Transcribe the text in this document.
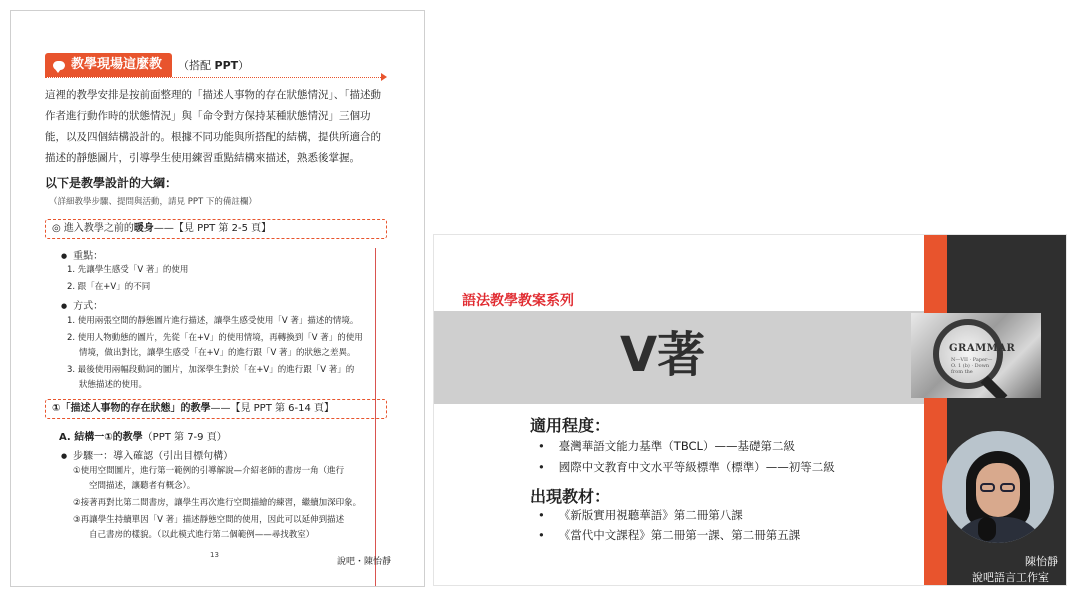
教學現場這麼教 （搭配 PPT）
這裡的教學安排是按前面整理的「描述人事物的存在狀態情況」、「描述動作者進行動作時的狀態情況」與「命令對方保持某種狀態情況」三個功能，以及四個結構設計的。根據不同功能與所搭配的結構，提供所適合的描述的靜態圖片，引導學生使用練習重點結構來描述，熟悉後掌握。
以下是教學設計的大綱：
（詳細教學步驟、提問與活動，請見 PPT 下的備註欄）
◎ 進入教學之前的暖身——【見 PPT 第 2-5 頁】
● 重點：
1. 先讓學生感受「V 著」的使用
2. 跟「在+V」的不同
● 方式：
1. 使用兩張空間的靜態圖片進行描述，讓學生感受使用「V 著」描述的情境。
2. 使用人物動態的圖片，先從「在+V」的使用情境，再轉換到「V 著」的使用
情境，做出對比，讓學生感受「在+V」的進行跟「V 著」的狀態之差異。
3. 最後使用兩幅段動詞的圖片，加深學生對於「在+V」的進行跟「V 著」的
狀態描述的使用。
①「描述人事物的存在狀態」的教學——【見 PPT 第 6-14 頁】
A. 結構一①的教學（PPT 第 7-9 頁）
● 步驟一：導入確認（引出目標句構）
①使用空間圖片，進行第一範例的引導解說—介紹老師的書房一角（進行
空間描述，讓聽者有概念）。
②接著再對比第二間書房，讓學生再次進行空間描繪的練習，繼續加深印象。
③再讓學生持續單因「V 著」描述靜態空間的使用，因此可以延伸到描述
自己書房的樣貌。（以此模式進行第二個範例——尋找教室）
13
說吧・陳怡靜
語法教學教案系列
V著	GRAMMAR
N—VII · Paper—O. 1 (b) · Down from the
適用程度：
• 臺灣華語文能力基準（TBCL）——基礎第二級
• 國際中文教育中文水平等級標準（標準）——初等二級
出現教材：
• 《新版實用視聽華語》第二冊第八課
• 《當代中文課程》第二冊第一課、第二冊第五課
陳怡靜
說吧語言工作室
